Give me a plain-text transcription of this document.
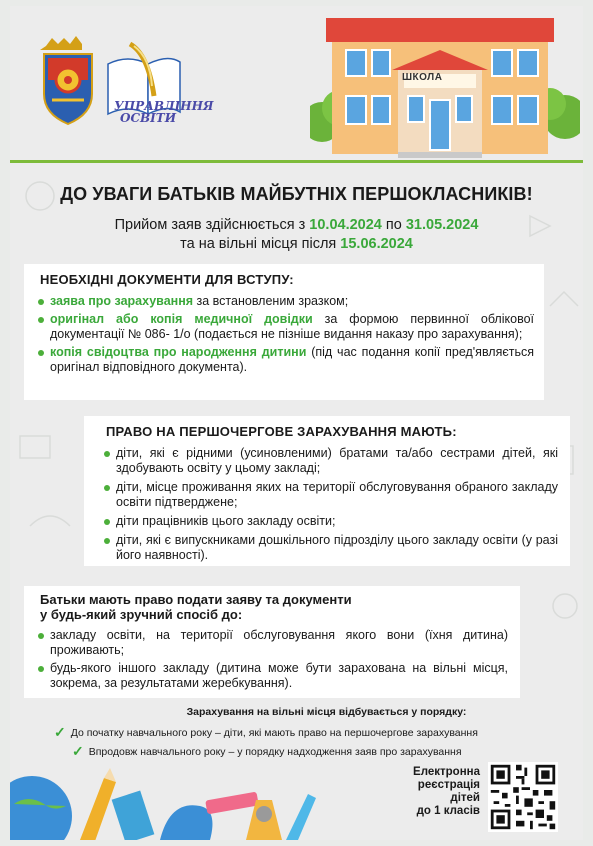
УПРАВЛІННЯ
ОСВІТИ
ШКОЛА
ДО УВАГИ БАТЬКІВ МАЙБУТНІХ ПЕРШОКЛАСНИКІВ!
Прийом заяв здійснюється з 10.04.2024 по 31.05.2024
та на вільні місця після 15.06.2024
НЕОБХІДНІ ДОКУМЕНТИ ДЛЯ ВСТУПУ:
заява про зарахування за встановленим зразком;
оригінал або копія медичної довідки за формою первинної облікової документації № 086- 1/о (подається не пізніше видання наказу про зарахування);
копія свідоцтва про народження дитини (під час подання копії пред'являється оригінал відповідного документа).
ПРАВО НА ПЕРШОЧЕРГОВЕ ЗАРАХУВАННЯ МАЮТЬ:
діти, які є рідними (усиновленими) братами та/або сестрами дітей, які здобувають освіту у цьому закладі;
діти, місце проживання яких на території обслуговування обраного закладу освіти підтверджене;
діти працівників цього закладу освіти;
діти, які є випускниками дошкільного підрозділу цього закладу освіти (у разі його наявності).
Батьки мають право подати заяву та документи
у будь-який зручний спосіб до:
закладу освіти, на території обслуговування якого вони (їхня дитина) проживають;
будь-якого іншого закладу (дитина може бути зарахована на вільні місця, зокрема, за результатами жеребкування).
Зарахування на вільні місця відбувається у порядку:
✓ До початку навчального року – діти, які мають право на першочергове зарахування
✓ Впродовж навчального року – у порядку надходження заяв про зарахування
Електронна
реєстрація
дітей
до 1 класів
